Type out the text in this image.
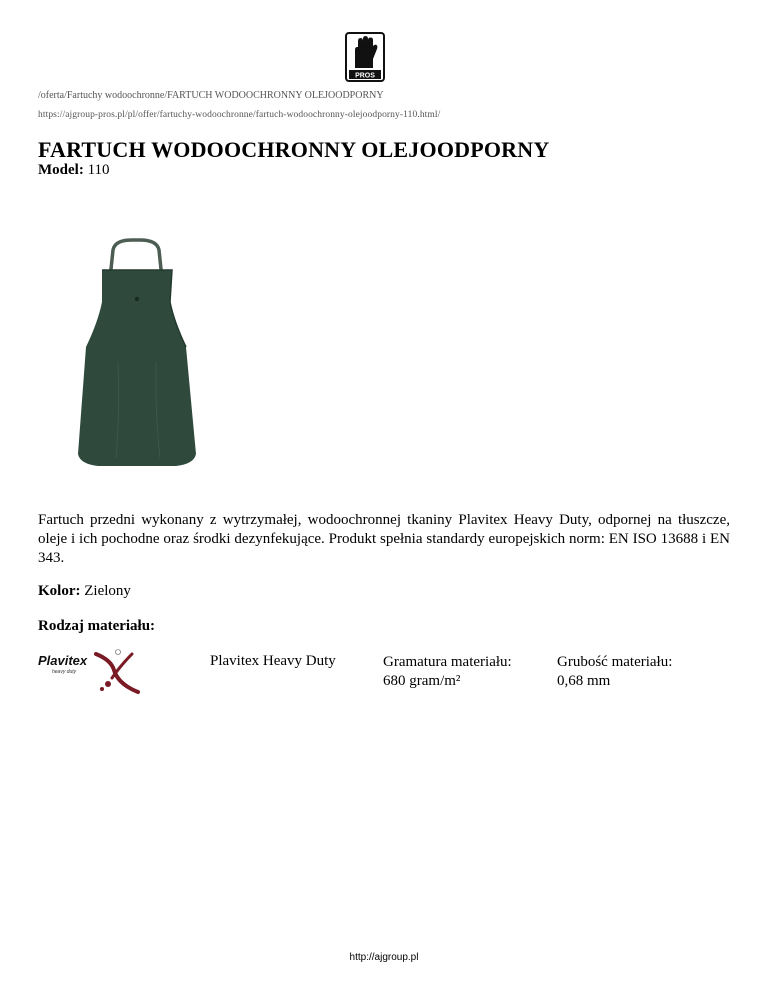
PROS
/oferta/Fartuchy wodoochronne/FARTUCH WODOOCHRONNY OLEJOODPORNY
https://ajgroup-pros.pl/pl/offer/fartuchy-wodoochronne/fartuch-wodoochronny-olejoodporny-110.html/
FARTUCH WODOOCHRONNY OLEJOODPORNY
Model: 110

Fartuch przedni wykonany z wytrzymałej, wodoochronnej tkaniny Plavitex Heavy Duty, odpornej na tłuszcze, oleje i ich pochodne oraz środki dezynfekujące. Produkt spełnia standardy europejskich norm: EN ISO 13688 i EN 343.

Kolor: Zielony
Rodzaj materiału:
Plavitex
heavy duty
Plavitex Heavy Duty	Gramatura materiału:
680 gram/m²
Grubość materiału:
0,68 mm
http://ajgroup.pl
